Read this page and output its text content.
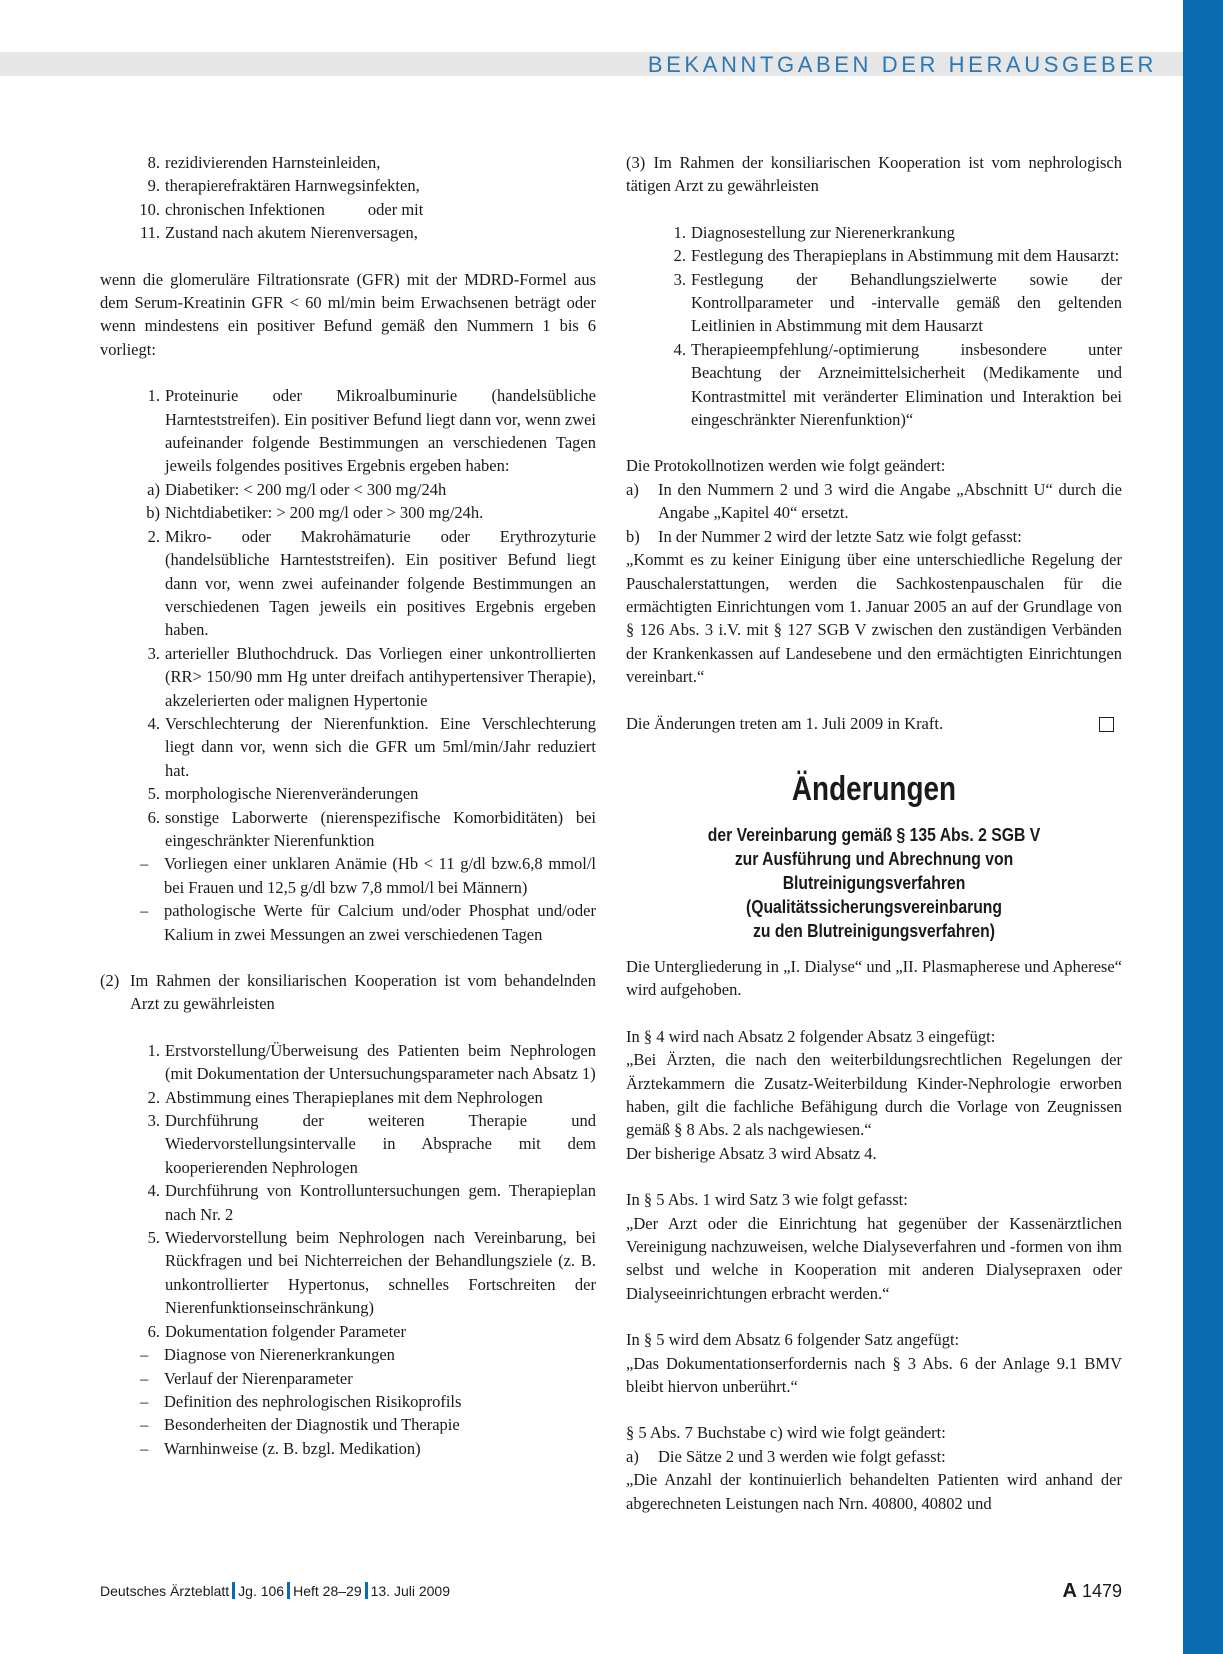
BEKANNTGABEN DER HERAUSGEBER
8. rezidivierenden Harnsteinleiden,
9. therapierefraktären Harnwegsinfekten,
10. chronischen Infektionen	oder mit
11. Zustand nach akutem Nierenversagen,

wenn die glomeruläre Filtrationsrate (GFR) mit der MDRD-Formel aus dem Serum-Kreatinin GFR < 60 ml/min beim Erwachsenen beträgt oder wenn mindestens ein positiver Befund gemäß den Nummern 1 bis 6 vorliegt:

1. Proteinurie oder Mikroalbuminurie (handelsübliche Harnteststreifen). Ein positiver Befund liegt dann vor, wenn zwei aufeinander folgende Bestimmungen an verschiedenen Tagen jeweils folgendes positives Ergebnis ergeben haben:
a) Diabetiker: < 200 mg/l oder < 300 mg/24h
b) Nichtdiabetiker: > 200 mg/l oder > 300 mg/24h.
2. Mikro- oder Makrohämaturie oder Erythrozyturie (handelsübliche Harnteststreifen). Ein positiver Befund liegt dann vor, wenn zwei aufeinander folgende Bestimmungen an verschiedenen Tagen jeweils ein positives Ergebnis ergeben haben.
3. arterieller Bluthochdruck. Das Vorliegen einer unkontrollierten (RR> 150/90 mm Hg unter dreifach antihypertensiver Therapie), akzelerierten oder malignen Hypertonie
4. Verschlechterung der Nierenfunktion. Eine Verschlechterung liegt dann vor, wenn sich die GFR um 5ml/min/Jahr reduziert hat.
5. morphologische Nierenveränderungen
6. sonstige Laborwerte (nierenspezifische Komorbiditäten) bei eingeschränkter Nierenfunktion
– Vorliegen einer unklaren Anämie (Hb < 11 g/dl bzw.6,8 mmol/l bei Frauen und 12,5 g/dl bzw 7,8 mmol/l bei Männern)
– pathologische Werte für Calcium und/oder Phosphat und/oder Kalium in zwei Messungen an zwei verschiedenen Tagen
(2) Im Rahmen der konsiliarischen Kooperation ist vom behandelnden Arzt zu gewährleisten
1. Erstvorstellung/Überweisung des Patienten beim Nephrologen (mit Dokumentation der Untersuchungsparameter nach Absatz 1)
2. Abstimmung eines Therapieplanes mit dem Nephrologen
3. Durchführung der weiteren Therapie und Wiedervorstellungsintervalle in Absprache mit dem kooperierenden Nephrologen
4. Durchführung von Kontrolluntersuchungen gem. Therapieplan nach Nr. 2
5. Wiedervorstellung beim Nephrologen nach Vereinbarung, bei Rückfragen und bei Nichterreichen der Behandlungsziele (z. B. unkontrollierter Hypertonus, schnelles Fortschreiten der Nierenfunktionseinschränkung)
6. Dokumentation folgender Parameter
– Diagnose von Nierenerkrankungen
– Verlauf der Nierenparameter
– Definition des nephrologischen Risikoprofils
– Besonderheiten der Diagnostik und Therapie
– Warnhinweise (z. B. bzgl. Medikation)

(3) Im Rahmen der konsiliarischen Kooperation ist vom nephrologisch tätigen Arzt zu gewährleisten

1. Diagnosestellung zur Nierenerkrankung
2. Festlegung des Therapieplans in Abstimmung mit dem Hausarzt:
3. Festlegung der Behandlungszielwerte sowie der Kontrollparameter und -intervalle gemäß den geltenden Leitlinien in Abstimmung mit dem Hausarzt
4. Therapieempfehlung/-optimierung insbesondere unter Beachtung der Arzneimittelsicherheit (Medikamente und Kontrastmittel mit veränderter Elimination und Interaktion bei eingeschränkter Nierenfunktion)“

Die Protokollnotizen werden wie folgt geändert:

a)	In den Nummern 2 und 3 wird die Angabe „Abschnitt U“ durch die Angabe „Kapitel 40“ ersetzt.
b)	In der Nummer 2 wird der letzte Satz wie folgt gefasst:

„Kommt es zu keiner Einigung über eine unterschiedliche Regelung der Pauschalerstattungen, werden die Sachkostenpauschalen für die ermächtigten Einrichtungen vom 1. Januar 2005 an auf der Grundlage von § 126 Abs. 3 i.V. mit § 127 SGB V zwischen den zuständigen Verbänden der Krankenkassen auf Landesebene und den ermächtigten Einrichtungen vereinbart.“

Die Änderungen treten am 1. Juli 2009 in Kraft.
Änderungen
der Vereinbarung gemäß § 135 Abs. 2 SGB V
zur Ausführung und Abrechnung von
Blutreinigungsverfahren (Qualitätssicherungsvereinbarung
zu den Blutreinigungsverfahren)

Die Untergliederung in „I. Dialyse“ und „II. Plasmapherese und Apherese“ wird aufgehoben.

In § 4 wird nach Absatz 2 folgender Absatz 3 eingefügt:

„Bei Ärzten, die nach den weiterbildungsrechtlichen Regelungen der Ärztekammern die Zusatz-Weiterbildung Kinder-Nephrologie erworben haben, gilt die fachliche Befähigung durch die Vorlage von Zeugnissen gemäß § 8 Abs. 2 als nachgewiesen.“

Der bisherige Absatz 3 wird Absatz 4.

In § 5 Abs. 1 wird Satz 3 wie folgt gefasst:

„Der Arzt oder die Einrichtung hat gegenüber der Kassenärztlichen Vereinigung nachzuweisen, welche Dialyseverfahren und -formen von ihm selbst und welche in Kooperation mit anderen Dialysepraxen oder Dialyseeinrichtungen erbracht werden.“

In § 5 wird dem Absatz 6 folgender Satz angefügt:

„Das Dokumentationserfordernis nach § 3 Abs. 6 der Anlage 9.1 BMV bleibt hiervon unberührt.“

§ 5 Abs. 7 Buchstabe c) wird wie folgt geändert:

a)	Die Sätze 2 und 3 werden wie folgt gefasst:

„Die Anzahl der kontinuierlich behandelten Patienten wird anhand der abgerechneten Leistungen nach Nrn. 40800, 40802 und

Deutsches Ärzteblatt Jg. 106 Heft 28–29 13. Juli 2009	A 1479
